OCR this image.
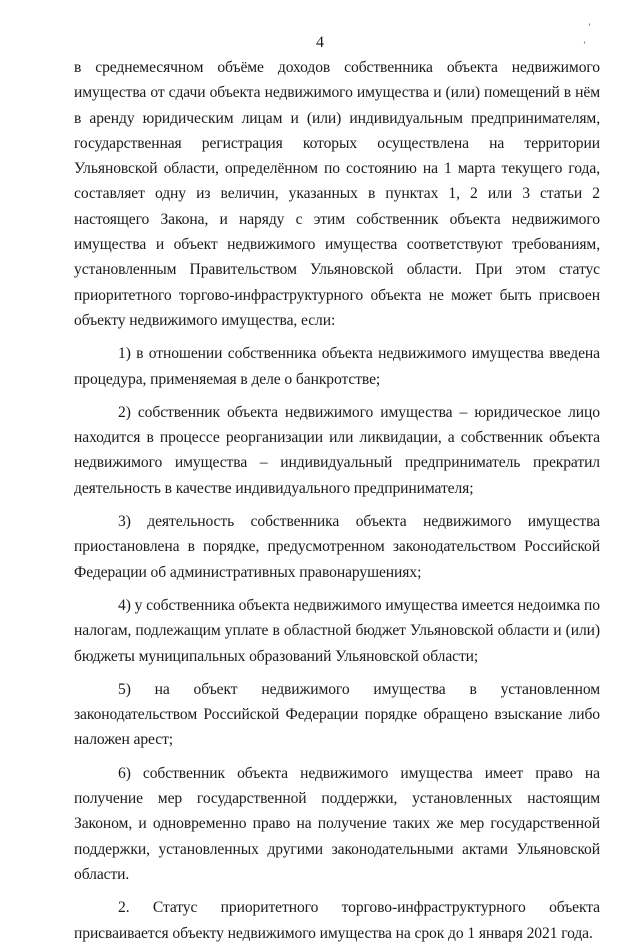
4
ʼ
ʼ

в среднемесячном объёме доходов собственника объекта недвижимого имущества от сдачи объекта недвижимого имущества и (или) помещений в нём в аренду юридическим лицам и (или) индивидуальным предпринимателям, государственная регистрация которых осуществлена на территории Ульяновской области, определённом по состоянию на 1 марта текущего года, составляет одну из величин, указанных в пунктах 1, 2 или 3 статьи 2 настоящего Закона, и наряду с этим собственник объекта недвижимого имущества и объект недвижимого имущества соответствуют требованиям, установленным Правительством Ульяновской области. При этом статус приоритетного торгово-инфраструктурного объекта не может быть присвоен объекту недвижимого имущества, если:

1) в отношении собственника объекта недвижимого имущества введена процедура, применяемая в деле о банкротстве;

2) собственник объекта недвижимого имущества – юридическое лицо находится в процессе реорганизации или ликвидации, а собственник объекта недвижимого имущества – индивидуальный предприниматель прекратил деятельность в качестве индивидуального предпринимателя;

3) деятельность собственника объекта недвижимого имущества приостановлена в порядке, предусмотренном законодательством Российской Федерации об административных правонарушениях;

4) у собственника объекта недвижимого имущества имеется недоимка по налогам, подлежащим уплате в областной бюджет Ульяновской области и (или) бюджеты муниципальных образований Ульяновской области;

5) на объект недвижимого имущества в установленном законодательством Российской Федерации порядке обращено взыскание либо наложен арест;

6) собственник объекта недвижимого имущества имеет право на получение мер государственной поддержки, установленных настоящим Законом, и одновременно право на получение таких же мер государственной поддержки, установленных другими законодательными актами Ульяновской области.

2. Статус приоритетного торгово-инфраструктурного объекта присваивается объекту недвижимого имущества на срок до 1 января 2021 года.
